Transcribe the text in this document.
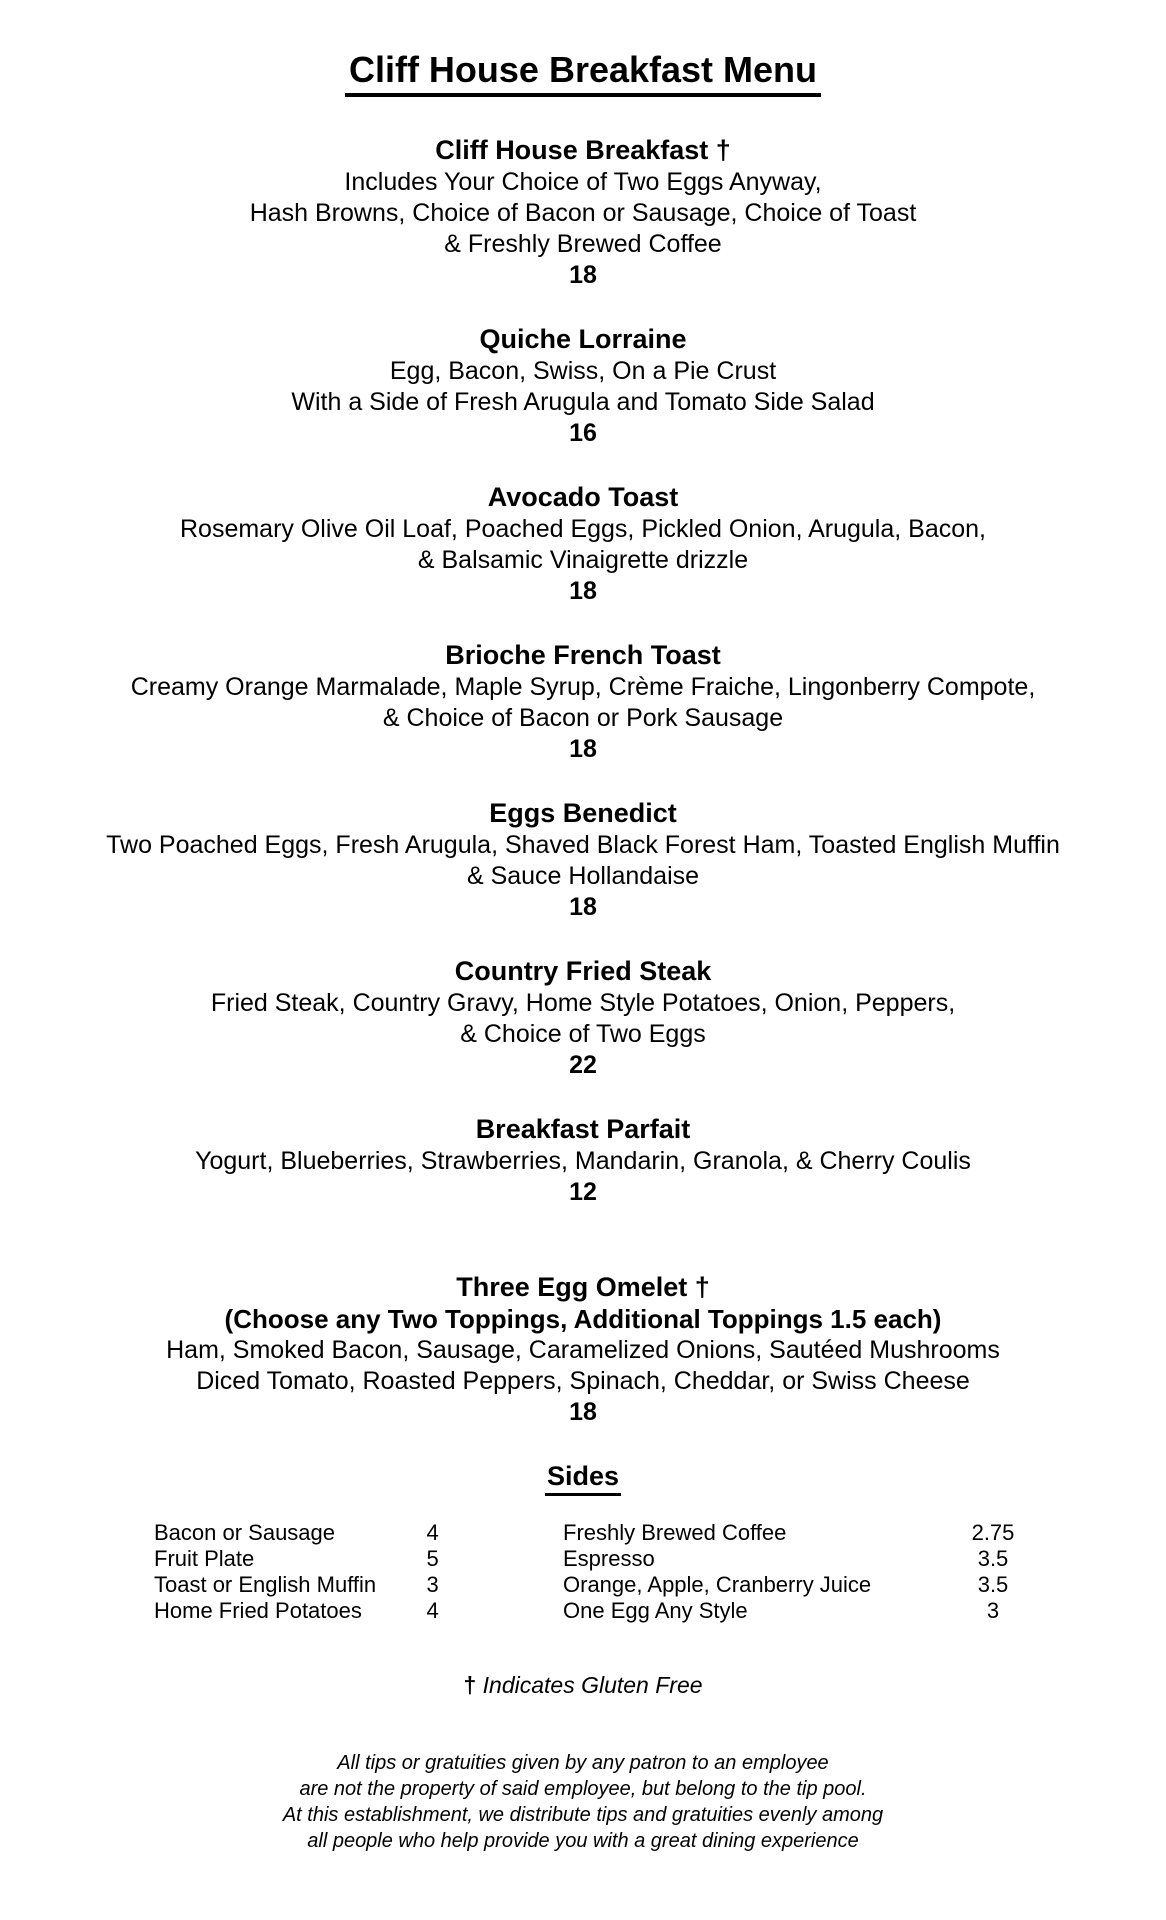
Cliff House Breakfast Menu
Cliff House Breakfast †
Includes Your Choice of Two Eggs Anyway,
Hash Browns, Choice of Bacon or Sausage, Choice of Toast
& Freshly Brewed Coffee
18
Quiche Lorraine
Egg, Bacon, Swiss, On a Pie Crust
With a Side of Fresh Arugula and Tomato Side Salad
16
Avocado Toast
Rosemary Olive Oil Loaf, Poached Eggs, Pickled Onion, Arugula, Bacon,
& Balsamic Vinaigrette drizzle
18
Brioche French Toast
Creamy Orange Marmalade, Maple Syrup, Crème Fraiche, Lingonberry Compote,
& Choice of Bacon or Pork Sausage
18
Eggs Benedict
Two Poached Eggs, Fresh Arugula, Shaved Black Forest Ham, Toasted English Muffin
& Sauce Hollandaise
18
Country Fried Steak
Fried Steak, Country Gravy, Home Style Potatoes, Onion, Peppers,
& Choice of Two Eggs
22
Breakfast Parfait
Yogurt, Blueberries, Strawberries, Mandarin, Granola, & Cherry Coulis
12
Three Egg Omelet †
(Choose any Two Toppings, Additional Toppings 1.5 each)
Ham, Smoked Bacon, Sausage, Caramelized Onions, Sautéed Mushrooms
Diced Tomato, Roasted Peppers, Spinach, Cheddar, or Swiss Cheese
18
Sides
Bacon or Sausage	4
Fruit Plate	5
Toast or English Muffin	3
Home Fried Potatoes	4
Freshly Brewed Coffee	2.75
Espresso	3.5
Orange, Apple, Cranberry Juice	3.5
One Egg Any Style	3
† Indicates Gluten Free
All tips or gratuities given by any patron to an employee
are not the property of said employee, but belong to the tip pool.
At this establishment, we distribute tips and gratuities evenly among
all people who help provide you with a great dining experience
